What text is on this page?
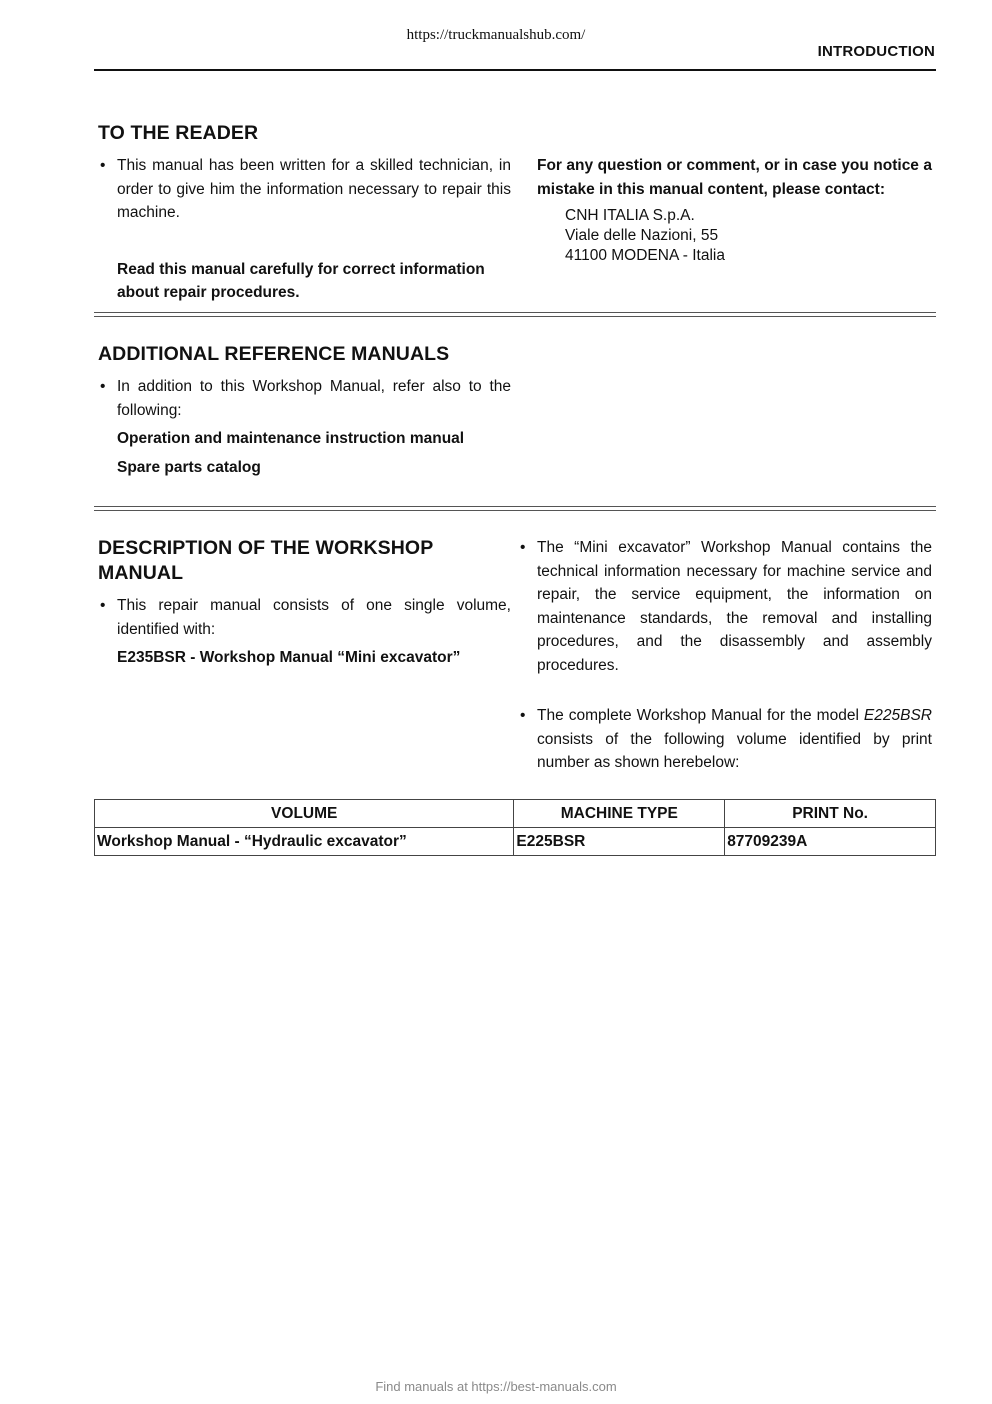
https://truckmanualshub.com/
INTRODUCTION
TO THE READER
• This manual has been written for a skilled technician, in order to give him the information necessary to repair this machine.
Read this manual carefully for correct information about repair procedures.
For any question or comment, or in case you notice a mistake in this manual content, please contact:
CNH ITALIA S.p.A.
Viale delle Nazioni, 55
41100 MODENA - Italia
ADDITIONAL REFERENCE MANUALS
• In addition to this Workshop Manual, refer also to the following:
Operation and maintenance instruction manual
Spare parts catalog
DESCRIPTION OF THE WORKSHOP MANUAL
• This repair manual consists of one single volume, identified with:
E235BSR - Workshop Manual “Mini excavator”
• The “Mini excavator” Workshop Manual contains the technical information necessary for machine service and repair, the service equipment, the information on maintenance standards, the removal and installing procedures, and the disassembly and assembly procedures.
• The complete Workshop Manual for the model E225BSR consists of the following volume identified by print number as shown herebelow:
VOLUME	MACHINE TYPE	PRINT No.
Workshop Manual - “Hydraulic excavator”	E225BSR	87709239A
Find manuals at https://best-manuals.com
